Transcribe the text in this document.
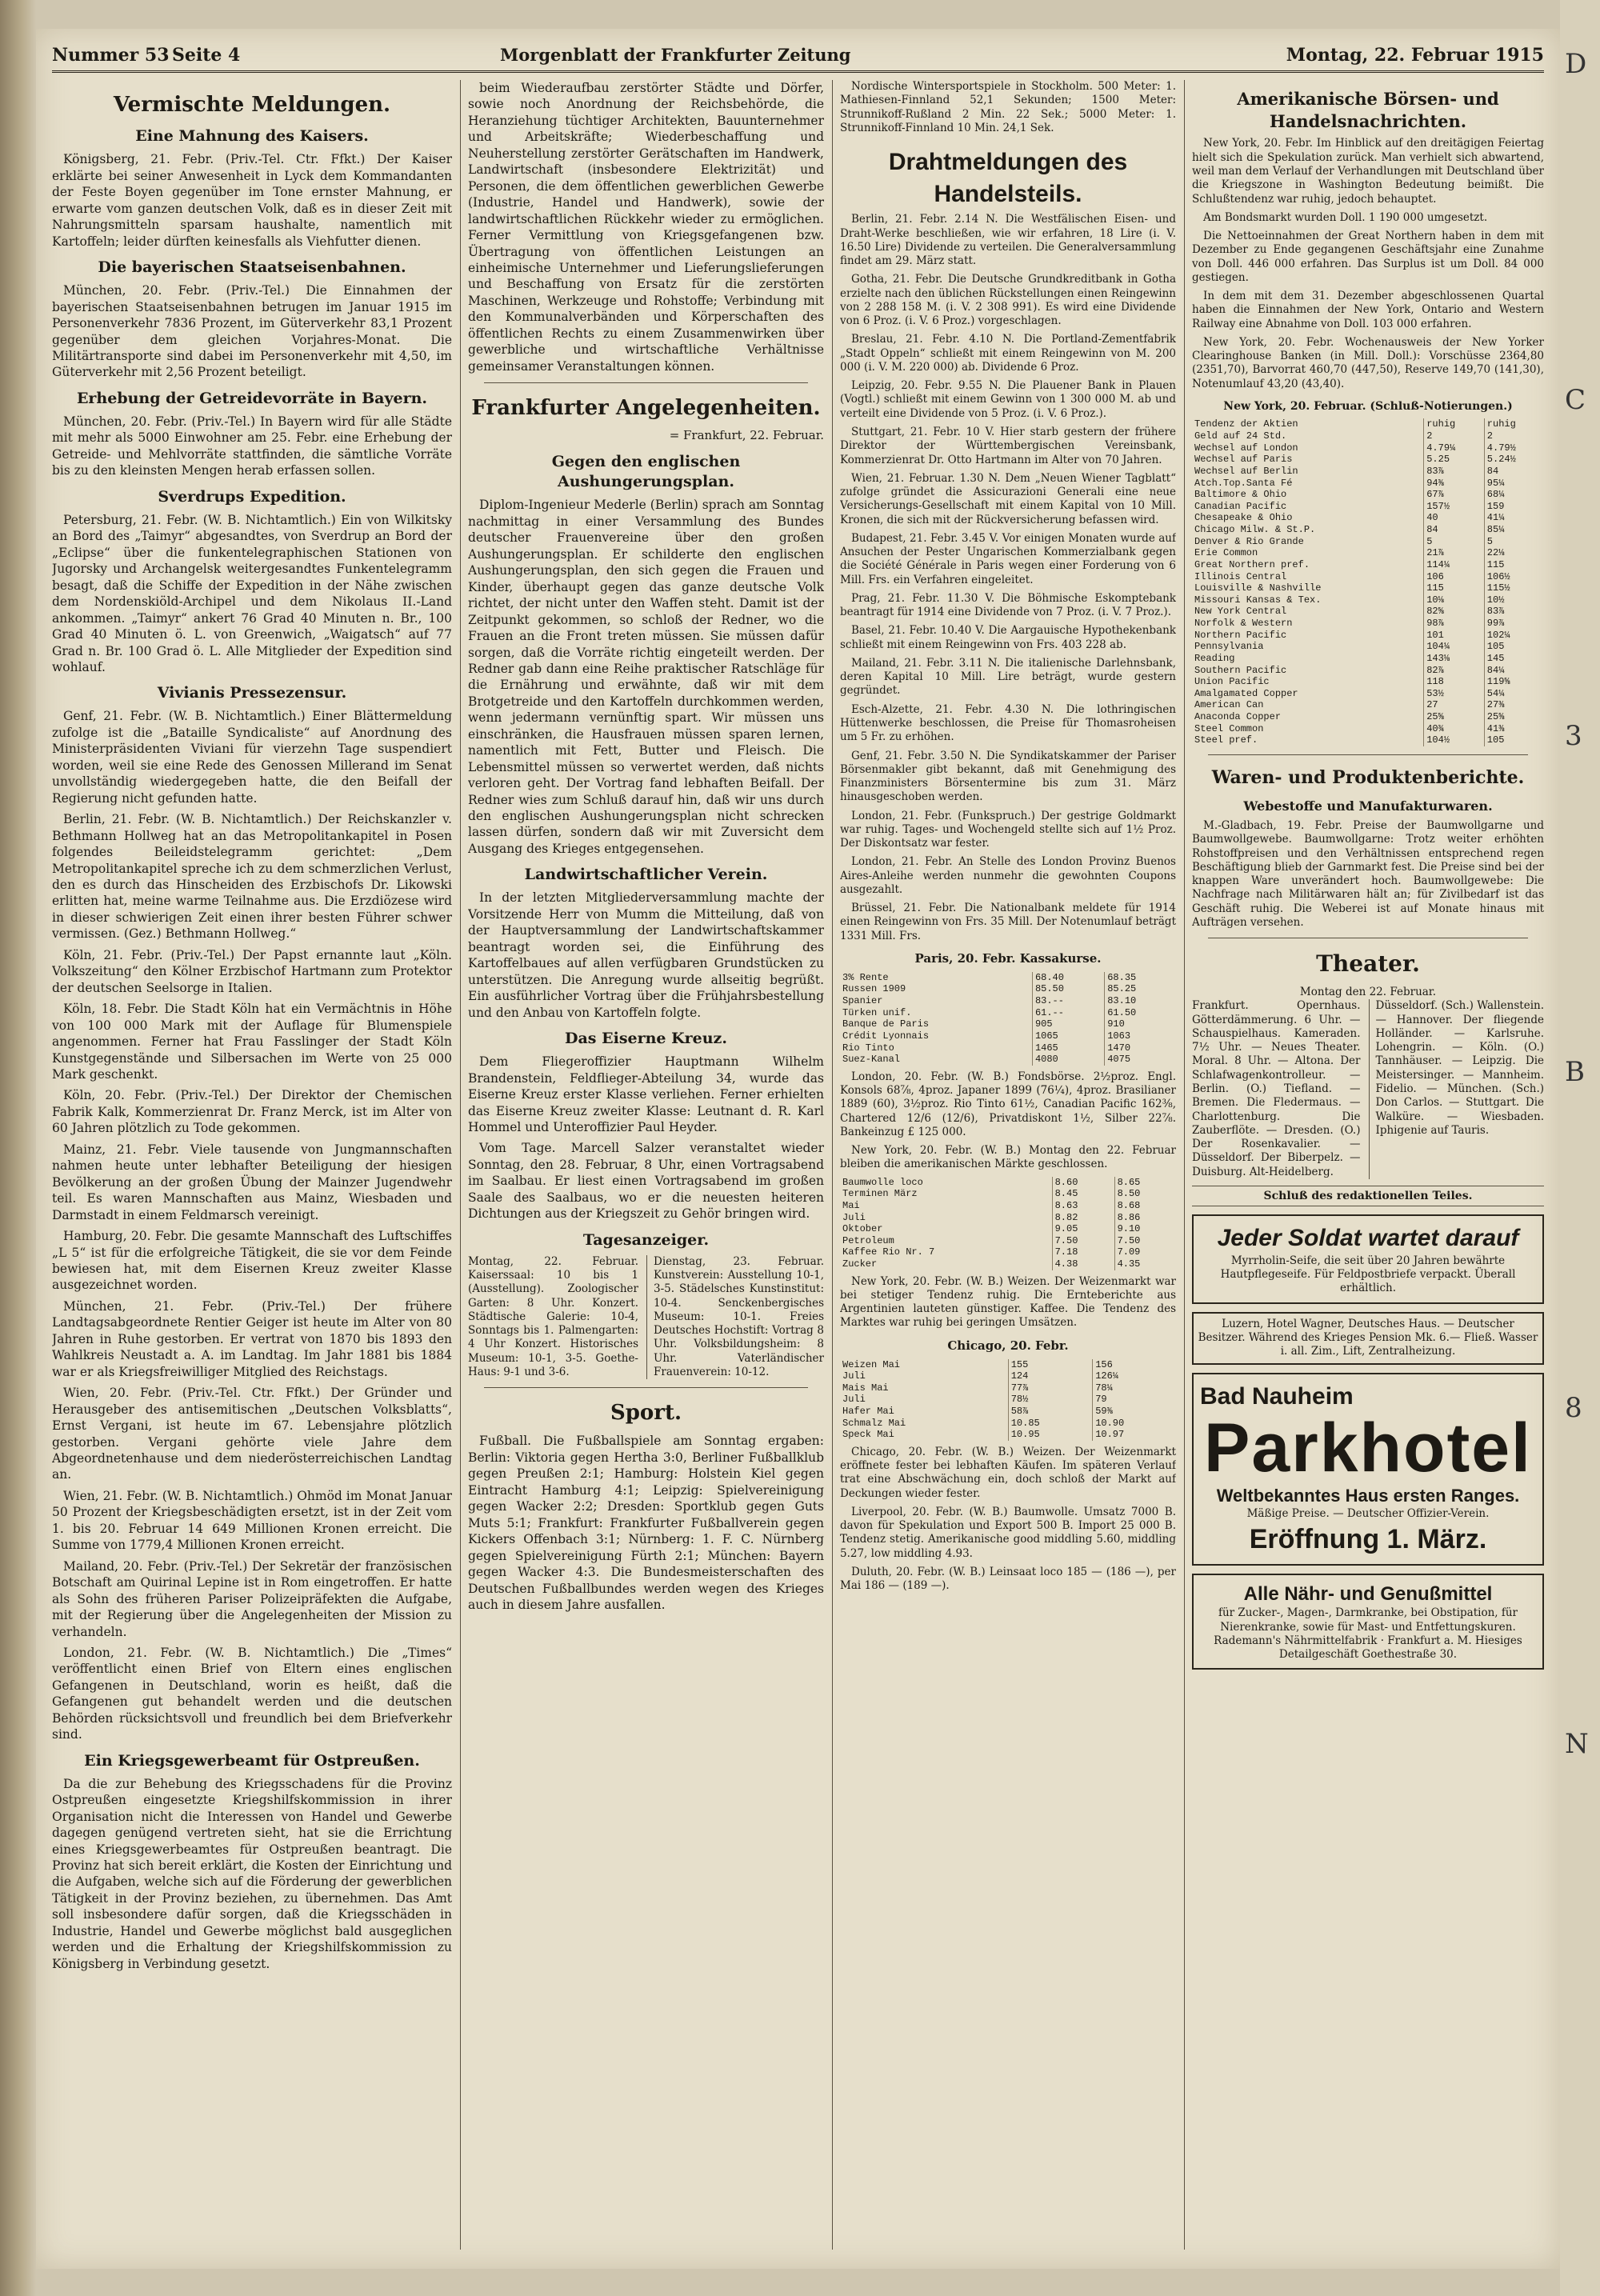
Nummer 53 Seite 4	Morgenblatt der Frankfurter Zeitung	Montag, 22. Februar 1915
Vermischte Meldungen.
Eine Mahnung des Kaisers.

Königsberg, 21. Febr. (Priv.-Tel. Ctr. Ffkt.) Der Kaiser erklärte bei seiner Anwesenheit in Lyck dem Kommandanten der Feste Boyen gegenüber im Tone ernster Mahnung, er erwarte vom ganzen deutschen Volk, daß es in dieser Zeit mit Nahrungsmitteln sparsam haushalte, namentlich mit Kartoffeln; leider dürften keinesfalls als Viehfutter dienen.

Die bayerischen Staatseisenbahnen.

München, 20. Febr. (Priv.-Tel.) Die Einnahmen der bayerischen Staatseisenbahnen betrugen im Januar 1915 im Personenverkehr 7836 Prozent, im Güterverkehr 83,1 Prozent gegenüber dem gleichen Vorjahres-Monat. Die Militärtransporte sind dabei im Personenverkehr mit 4,50, im Güterverkehr mit 2,56 Prozent beteiligt.

Erhebung der Getreidevorräte in Bayern.

München, 20. Febr. (Priv.-Tel.) In Bayern wird für alle Städte mit mehr als 5000 Einwohner am 25. Febr. eine Erhebung der Getreide- und Mehlvorräte stattfinden, die sämtliche Vorräte bis zu den kleinsten Mengen herab erfassen sollen.

Sverdrups Expedition.

Petersburg, 21. Febr. (W. B. Nichtamtlich.) Ein von Wilkitsky an Bord des „Taimyr“ abgesandtes, von Sverdrup an Bord der „Eclipse“ über die funkentelegraphischen Stationen von Jugorsky und Archangelsk weitergesandtes Funkentelegramm besagt, daß die Schiffe der Expedition in der Nähe zwischen dem Nordenskiöld-Archipel und dem Nikolaus II.-Land ankommen. „Taimyr“ ankert 76 Grad 40 Minuten n. Br., 100 Grad 40 Minuten ö. L. von Greenwich, „Waigatsch“ auf 77 Grad n. Br. 100 Grad ö. L. Alle Mitglieder der Expedition sind wohlauf.

Vivianis Pressezensur.

Genf, 21. Febr. (W. B. Nichtamtlich.) Einer Blättermeldung zufolge ist die „Bataille Syndicaliste“ auf Anordnung des Ministerpräsidenten Viviani für vierzehn Tage suspendiert worden, weil sie eine Rede des Genossen Millerand im Senat unvollständig wiedergegeben hatte, die den Beifall der Regierung nicht gefunden hatte.

Berlin, 21. Febr. (W. B. Nichtamtlich.) Der Reichskanzler v. Bethmann Hollweg hat an das Metropolitankapitel in Posen folgendes Beileidstelegramm gerichtet: „Dem Metropolitankapitel spreche ich zu dem schmerzlichen Verlust, den es durch das Hinscheiden des Erzbischofs Dr. Likowski erlitten hat, meine warme Teilnahme aus. Die Erzdiözese wird in dieser schwierigen Zeit einen ihrer besten Führer schwer vermissen. (Gez.) Bethmann Hollweg.“

Köln, 21. Febr. (Priv.-Tel.) Der Papst ernannte laut „Köln. Volkszeitung“ den Kölner Erzbischof Hartmann zum Protektor der deutschen Seelsorge in Italien.

Köln, 18. Febr. Die Stadt Köln hat ein Vermächtnis in Höhe von 100 000 Mark mit der Auflage für Blumenspiele angenommen. Ferner hat Frau Fasslinger der Stadt Köln Kunstgegenstände und Silbersachen im Werte von 25 000 Mark geschenkt.

Köln, 20. Febr. (Priv.-Tel.) Der Direktor der Chemischen Fabrik Kalk, Kommerzienrat Dr. Franz Merck, ist im Alter von 60 Jahren plötzlich zu Tode gekommen.

Mainz, 21. Febr. Viele tausende von Jungmannschaften nahmen heute unter lebhafter Beteiligung der hiesigen Bevölkerung an der großen Übung der Mainzer Jugendwehr teil. Es waren Mannschaften aus Mainz, Wiesbaden und Darmstadt in einem Feldmarsch vereinigt.

Hamburg, 20. Febr. Die gesamte Mannschaft des Luftschiffes „L 5“ ist für die erfolgreiche Tätigkeit, die sie vor dem Feinde bewiesen hat, mit dem Eisernen Kreuz zweiter Klasse ausgezeichnet worden.

München, 21. Febr. (Priv.-Tel.) Der frühere Landtagsabgeordnete Rentier Geiger ist heute im Alter von 80 Jahren in Ruhe gestorben. Er vertrat von 1870 bis 1893 den Wahlkreis Neustadt a. A. im Landtag. Im Jahr 1881 bis 1884 war er als Kriegsfreiwilliger Mitglied des Reichstags.

Wien, 20. Febr. (Priv.-Tel. Ctr. Ffkt.) Der Gründer und Herausgeber des antisemitischen „Deutschen Volksblatts“, Ernst Vergani, ist heute im 67. Lebensjahre plötzlich gestorben. Vergani gehörte viele Jahre dem Abgeordnetenhause und dem niederösterreichischen Landtag an.

Wien, 21. Febr. (W. B. Nichtamtlich.) Ohmöd im Monat Januar 50 Prozent der Kriegsbeschädigten ersetzt, ist in der Zeit vom 1. bis 20. Februar 14 649 Millionen Kronen erreicht. Die Summe von 1779,4 Millionen Kronen erreicht.

Mailand, 20. Febr. (Priv.-Tel.) Der Sekretär der französischen Botschaft am Quirinal Lepine ist in Rom eingetroffen. Er hatte als Sohn des früheren Pariser Polizeipräfekten die Aufgabe, mit der Regierung über die Angelegenheiten der Mission zu verhandeln.

London, 21. Febr. (W. B. Nichtamtlich.) Die „Times“ veröffentlicht einen Brief von Eltern eines englischen Gefangenen in Deutschland, worin es heißt, daß die Gefangenen gut behandelt werden und die deutschen Behörden rücksichtsvoll und freundlich bei dem Briefverkehr sind.

Ein Kriegsgewerbeamt für Ostpreußen.

Da die zur Behebung des Kriegsschadens für die Provinz Ostpreußen eingesetzte Kriegshilfskommission in ihrer Organisation nicht die Interessen von Handel und Gewerbe dagegen genügend vertreten sieht, hat sie die Errichtung eines Kriegsgewerbeamtes für Ostpreußen beantragt. Die Provinz hat sich bereit erklärt, die Kosten der Einrichtung und die Aufgaben, welche sich auf die Förderung der gewerblichen Tätigkeit in der Provinz beziehen, zu übernehmen. Das Amt soll insbesondere dafür sorgen, daß die Kriegsschäden in Industrie, Handel und Gewerbe möglichst bald ausgeglichen werden und die Erhaltung der Kriegshilfskommission zu Königsberg in Verbindung gesetzt.

beim Wiederaufbau zerstörter Städte und Dörfer, sowie noch Anordnung der Reichsbehörde, die Heranziehung tüchtiger Architekten, Bauunternehmer und Arbeitskräfte; Wiederbeschaffung und Neuherstellung zerstörter Gerätschaften im Handwerk, Landwirtschaft (insbesondere Elektrizität) und Personen, die dem öffentlichen gewerblichen Gewerbe (Industrie, Handel und Handwerk), sowie der landwirtschaftlichen Rückkehr wieder zu ermöglichen. Ferner Vermittlung von Kriegsgefangenen bzw. Übertragung von öffentlichen Leistungen an einheimische Unternehmer und Lieferungslieferungen und Beschaffung von Ersatz für die zerstörten Maschinen, Werkzeuge und Rohstoffe; Verbindung mit den Kommunalverbänden und Körperschaften des öffentlichen Rechts zu einem Zusammenwirken über gewerbliche und wirtschaftliche Verhältnisse gemeinsamer Veranstaltungen können.

Frankfurter Angelegenheiten.
= Frankfurt, 22. Februar.
Gegen den englischen Aushungerungsplan.

Diplom-Ingenieur Mederle (Berlin) sprach am Sonntag nachmittag in einer Versammlung des Bundes deutscher Frauenvereine über den großen Aushungerungsplan. Er schilderte den englischen Aushungerungsplan, den sich gegen die Frauen und Kinder, überhaupt gegen das ganze deutsche Volk richtet, der nicht unter den Waffen steht. Damit ist der Zeitpunkt gekommen, so schloß der Redner, wo die Frauen an die Front treten müssen. Sie müssen dafür sorgen, daß die Vorräte richtig eingeteilt werden. Der Redner gab dann eine Reihe praktischer Ratschläge für die Ernährung und erwähnte, daß wir mit dem Brotgetreide und den Kartoffeln durchkommen werden, wenn jedermann vernünftig spart. Wir müssen uns einschränken, die Hausfrauen müssen sparen lernen, namentlich mit Fett, Butter und Fleisch. Die Lebensmittel müssen so verwertet werden, daß nichts verloren geht. Der Vortrag fand lebhaften Beifall. Der Redner wies zum Schluß darauf hin, daß wir uns durch den englischen Aushungerungsplan nicht schrecken lassen dürfen, sondern daß wir mit Zuversicht dem Ausgang des Krieges entgegensehen.

Landwirtschaftlicher Verein.

In der letzten Mitgliederversammlung machte der Vorsitzende Herr von Mumm die Mitteilung, daß von der Hauptversammlung der Landwirtschaftskammer beantragt worden sei, die Einführung des Kartoffelbaues auf allen verfügbaren Grundstücken zu unterstützen. Die Anregung wurde allseitig begrüßt. Ein ausführlicher Vortrag über die Frühjahrsbestellung und den Anbau von Kartoffeln folgte.

Das Eiserne Kreuz.

Dem Fliegeroffizier Hauptmann Wilhelm Brandenstein, Feldflieger-Abteilung 34, wurde das Eiserne Kreuz erster Klasse verliehen. Ferner erhielten das Eiserne Kreuz zweiter Klasse: Leutnant d. R. Karl Hommel und Unteroffizier Paul Heyder.

Vom Tage. Marcell Salzer veranstaltet wieder Sonntag, den 28. Februar, 8 Uhr, einen Vortragsabend im Saalbau. Er liest einen Vortragsabend im großen Saale des Saalbaus, wo er die neuesten heiteren Dichtungen aus der Kriegszeit zu Gehör bringen wird.

Tagesanzeiger.
Montag, 22. Februar. Kaiserssaal: 10 bis 1 (Ausstellung). Zoologischer Garten: 8 Uhr. Konzert. Städtische Galerie: 10-4, Sonntags bis 1. Palmengarten: 4 Uhr Konzert. Historisches Museum: 10-1, 3-5. Goethe-Haus: 9-1 und 3-6.
Dienstag, 23. Februar. Kunstverein: Ausstellung 10-1, 3-5. Städelsches Kunstinstitut: 10-4. Senckenbergisches Museum: 10-1. Freies Deutsches Hochstift: Vortrag 8 Uhr. Volksbildungsheim: 8 Uhr. Vaterländischer Frauenverein: 10-12.
Sport.

Fußball. Die Fußballspiele am Sonntag ergaben: Berlin: Viktoria gegen Hertha 3:0, Berliner Fußballklub gegen Preußen 2:1; Hamburg: Holstein Kiel gegen Eintracht Hamburg 4:1; Leipzig: Spielvereinigung gegen Wacker 2:2; Dresden: Sportklub gegen Guts Muts 5:1; Frankfurt: Frankfurter Fußballverein gegen Kickers Offenbach 3:1; Nürnberg: 1. F. C. Nürnberg gegen Spielvereinigung Fürth 2:1; München: Bayern gegen Wacker 4:3. Die Bundesmeisterschaften des Deutschen Fußballbundes werden wegen des Krieges auch in diesem Jahre ausfallen.

Nordische Wintersportspiele in Stockholm. 500 Meter: 1. Mathiesen-Finnland 52,1 Sekunden; 1500 Meter: Strunnikoff-Rußland 2 Min. 22 Sek.; 5000 Meter: 1. Strunnikoff-Finnland 10 Min. 24,1 Sek.

Drahtmeldungen des Handelsteils.

Berlin, 21. Febr. 2.14 N. Die Westfälischen Eisen- und Draht-Werke beschließen, wie wir erfahren, 18 Lire (i. V. 16.50 Lire) Dividende zu verteilen. Die Generalversammlung findet am 29. März statt.

Gotha, 21. Febr. Die Deutsche Grundkreditbank in Gotha erzielte nach den üblichen Rückstellungen einen Reingewinn von 2 288 158 M. (i. V. 2 308 991). Es wird eine Dividende von 6 Proz. (i. V. 6 Proz.) vorgeschlagen.

Breslau, 21. Febr. 4.10 N. Die Portland-Zementfabrik „Stadt Oppeln“ schließt mit einem Reingewinn von M. 200 000 (i. V. M. 220 000) ab. Dividende 6 Proz.

Leipzig, 20. Febr. 9.55 N. Die Plauener Bank in Plauen (Vogtl.) schließt mit einem Gewinn von 1 300 000 M. ab und verteilt eine Dividende von 5 Proz. (i. V. 6 Proz.).

Stuttgart, 21. Febr. 10 V. Hier starb gestern der frühere Direktor der Württembergischen Vereinsbank, Kommerzienrat Dr. Otto Hartmann im Alter von 70 Jahren.

Wien, 21. Februar. 1.30 N. Dem „Neuen Wiener Tagblatt“ zufolge gründet die Assicurazioni Generali eine neue Versicherungs-Gesellschaft mit einem Kapital von 10 Mill. Kronen, die sich mit der Rückversicherung befassen wird.

Budapest, 21. Febr. 3.45 V. Vor einigen Monaten wurde auf Ansuchen der Pester Ungarischen Kommerzialbank gegen die Société Générale in Paris wegen einer Forderung von 6 Mill. Frs. ein Verfahren eingeleitet.

Prag, 21. Febr. 11.30 V. Die Böhmische Eskomptebank beantragt für 1914 eine Dividende von 7 Proz. (i. V. 7 Proz.).

Basel, 21. Febr. 10.40 V. Die Aargauische Hypothekenbank schließt mit einem Reingewinn von Frs. 403 228 ab.

Mailand, 21. Febr. 3.11 N. Die italienische Darlehnsbank, deren Kapital 10 Mill. Lire beträgt, wurde gestern gegründet.

Esch-Alzette, 21. Febr. 4.30 N. Die lothringischen Hüttenwerke beschlossen, die Preise für Thomasroheisen um 5 Fr. zu erhöhen.

Genf, 21. Febr. 3.50 N. Die Syndikatskammer der Pariser Börsenmakler gibt bekannt, daß mit Genehmigung des Finanzministers Börsentermine bis zum 31. März hinausgeschoben werden.

London, 21. Febr. (Funkspruch.) Der gestrige Goldmarkt war ruhig. Tages- und Wochengeld stellte sich auf 1½ Proz. Der Diskontsatz war fester.

London, 21. Febr. An Stelle des London Provinz Buenos Aires-Anleihe werden nunmehr die gewohnten Coupons ausgezahlt.

Brüssel, 21. Febr. Die Nationalbank meldete für 1914 einen Reingewinn von Frs. 35 Mill. Der Notenumlauf beträgt 1331 Mill. Frs.

Paris, 20. Febr. Kassakurse.
3% Rente	68.40	68.35
Russen 1909	85.50	85.25
Spanier	83.--	83.10
Türken unif.	61.--	61.50
Banque de Paris	905	910
Crédit Lyonnais	1065	1063
Rio Tinto	1465	1470
Suez-Kanal	4080	4075

London, 20. Febr. (W. B.) Fondsbörse. 2½proz. Engl. Konsols 68⅞, 4proz. Japaner 1899 (76¼), 4proz. Brasilianer 1889 (60), 3½proz. Rio Tinto 61½, Canadian Pacific 162⅜, Chartered 12/6 (12/6), Privatdiskont 1½, Silber 22⅞. Bankeinzug £ 125 000.

New York, 20. Febr. (W. B.) Montag den 22. Februar bleiben die amerikanischen Märkte geschlossen.

Baumwolle loco	8.60	8.65
Terminen März	8.45	8.50
Mai	8.63	8.68
Juli	8.82	8.86
Oktober	9.05	9.10
Petroleum	7.50	7.50
Kaffee Rio Nr. 7	7.18	7.09
Zucker	4.38	4.35

New York, 20. Febr. (W. B.) Weizen. Der Weizenmarkt war bei stetiger Tendenz ruhig. Die Ernteberichte aus Argentinien lauteten günstiger. Kaffee. Die Tendenz des Marktes war ruhig bei geringen Umsätzen.

Chicago, 20. Febr.
Weizen Mai	155	156
Juli	124	126¼
Mais Mai	77⅞	78¼
Juli	78½	79
Hafer Mai	58⅞	59⅜
Schmalz Mai	10.85	10.90
Speck Mai	10.95	10.97

Chicago, 20. Febr. (W. B.) Weizen. Der Weizenmarkt eröffnete fester bei lebhaften Käufen. Im späteren Verlauf trat eine Abschwächung ein, doch schloß der Markt auf Deckungen wieder fester.

Liverpool, 20. Febr. (W. B.) Baumwolle. Umsatz 7000 B. davon für Spekulation und Export 500 B. Import 25 000 B. Tendenz stetig. Amerikanische good middling 5.60, middling 5.27, low middling 4.93.

Duluth, 20. Febr. (W. B.) Leinsaat loco 185 — (186 —), per Mai 186 — (189 —).

Amerikanische Börsen- und Handelsnachrichten.

New York, 20. Febr. Im Hinblick auf den dreitägigen Feiertag hielt sich die Spekulation zurück. Man verhielt sich abwartend, weil man dem Verlauf der Verhandlungen mit Deutschland über die Kriegszone in Washington Bedeutung beimißt. Die Schlußtendenz war ruhig, jedoch behauptet.

Am Bondsmarkt wurden Doll. 1 190 000 umgesetzt.

Die Nettoeinnahmen der Great Northern haben in dem mit Dezember zu Ende gegangenen Geschäftsjahr eine Zunahme von Doll. 446 000 erfahren. Das Surplus ist um Doll. 84 000 gestiegen.

In dem mit dem 31. Dezember abgeschlossenen Quartal haben die Einnahmen der New York, Ontario and Western Railway eine Abnahme von Doll. 103 000 erfahren.

New York, 20. Febr. Wochenausweis der New Yorker Clearinghouse Banken (in Mill. Doll.): Vorschüsse 2364,80 (2351,70), Barvorrat 460,70 (447,50), Reserve 149,70 (141,30), Notenumlauf 43,20 (43,40).

New York, 20. Februar. (Schluß-Notierungen.)
Tendenz der Aktien	ruhig	ruhig
Geld auf 24 Std.	2	2
Wechsel auf London	4.79¼	4.79½
Wechsel auf Paris	5.25	5.24½
Wechsel auf Berlin	83⅞	84
Atch.Top.Santa Fé	94⅜	95¼
Baltimore & Ohio	67⅞	68¼
Canadian Pacific	157½	159
Chesapeake & Ohio	40	41¼
Chicago Milw. & St.P.	84	85¼
Denver & Rio Grande	5	5
Erie Common	21⅞	22⅛
Great Northern pref.	114¼	115
Illinois Central	106	106½
Louisville & Nashville	115	115½
Missouri Kansas & Tex.	10⅛	10½
New York Central	82⅝	83⅞
Norfolk & Western	98⅞	99⅞
Northern Pacific	101	102¼
Pennsylvania	104¼	105
Reading	143⅛	145
Southern Pacific	82⅞	84¼
Union Pacific	118	119⅝
Amalgamated Copper	53½	54¼
American Can	27	27⅜
Anaconda Copper	25⅝	25⅝
Steel Common	40¾	41⅜
Steel pref.	104½	105
Waren- und Produktenberichte.
Webestoffe und Manufakturwaren.

M.-Gladbach, 19. Febr. Preise der Baumwollgarne und Baumwollgewebe. Baumwollgarne: Trotz weiter erhöhten Rohstoffpreisen und den Verhältnissen entsprechend regen Beschäftigung blieb der Garnmarkt fest. Die Preise sind bei der knappen Ware unverändert hoch. Baumwollgewebe: Die Nachfrage nach Militärwaren hält an; für Zivilbedarf ist das Geschäft ruhig. Die Weberei ist auf Monate hinaus mit Aufträgen versehen.

Theater.
Montag den 22. Februar.
Frankfurt. Opernhaus. Götterdämmerung. 6 Uhr. — Schauspielhaus. Kameraden. 7½ Uhr. — Neues Theater. Moral. 8 Uhr. — Altona. Der Schlafwagenkontrolleur. — Berlin. (O.) Tiefland. — Bremen. Die Fledermaus. — Charlottenburg. Die Zauberflöte. — Dresden. (O.) Der Rosenkavalier. — Düsseldorf. Der Biberpelz. — Duisburg. Alt-Heidelberg.
Düsseldorf. (Sch.) Wallenstein. — Hannover. Der fliegende Holländer. — Karlsruhe. Lohengrin. — Köln. (O.) Tannhäuser. — Leipzig. Die Meistersinger. — Mannheim. Fidelio. — München. (Sch.) Don Carlos. — Stuttgart. Die Walküre. — Wiesbaden. Iphigenie auf Tauris.
Schluß des redaktionellen Teiles.
Jeder Soldat wartet darauf
Myrrholin-Seife, die seit über 20 Jahren bewährte Hautpflegeseife. Für Feldpostbriefe verpackt. Überall erhältlich.
Luzern, Hotel Wagner, Deutsches Haus. — Deutscher Besitzer. Während des Krieges Pension Mk. 6.— Fließ. Wasser i. all. Zim., Lift, Zentralheizung.
Bad Nauheim
Parkhotel
Weltbekanntes Haus ersten Ranges.
Mäßige Preise. — Deutscher Offizier-Verein.
Eröffnung 1. März.
Alle Nähr- und Genußmittel
für Zucker-, Magen-, Darmkranke, bei Obstipation, für Nierenkranke, sowie für Mast- und Entfettungskuren. Rademann's Nährmittelfabrik · Frankfurt a. M. Hiesiges Detailgeschäft Goethestraße 30.
D
C
3
B
8
N
